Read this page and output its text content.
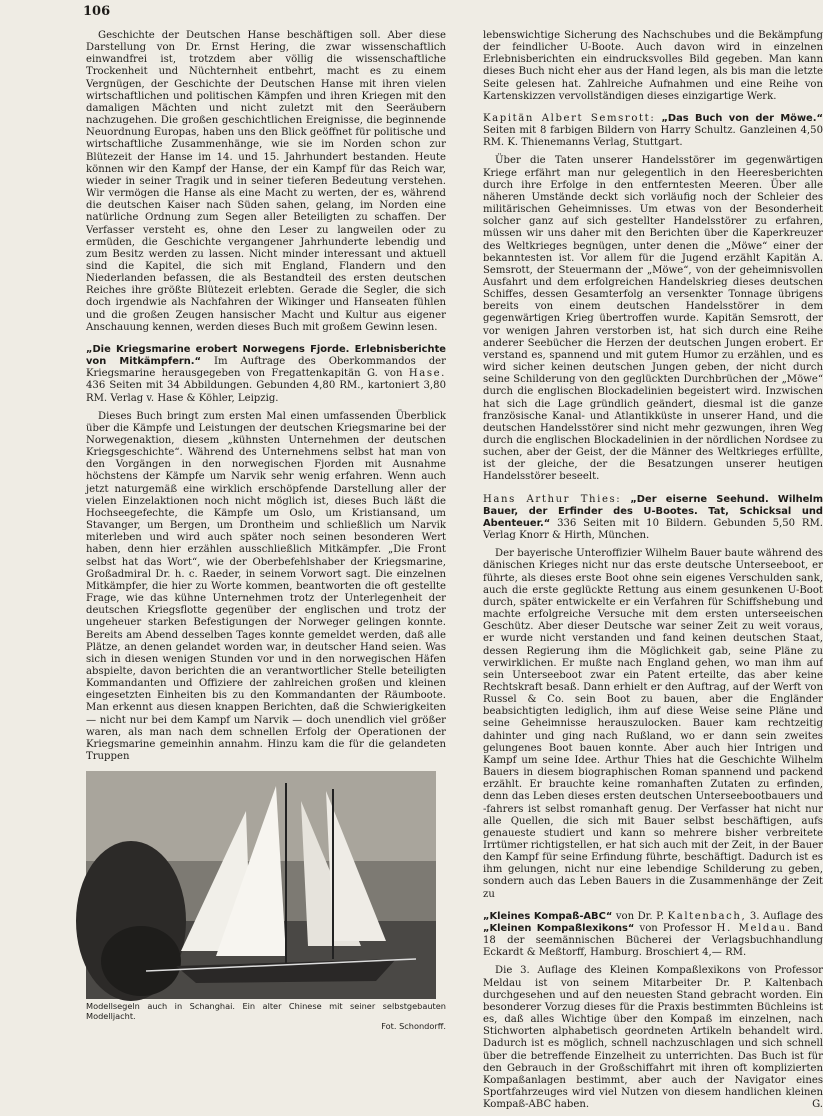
106

Geschichte der Deutschen Hanse beschäftigen soll. Aber diese Darstellung von Dr. Ernst Hering, die zwar wissenschaftlich einwandfrei ist, trotzdem aber völlig die wissenschaftliche Trockenheit und Nüchternheit entbehrt, macht es zu einem Vergnügen, der Geschichte der Deutschen Hanse mit ihren vielen wirtschaftlichen und politischen Kämpfen und ihren Kriegen mit den damaligen Mächten und nicht zuletzt mit den Seeräubern nachzugehen. Die großen geschichtlichen Ereignisse, die beginnende Neuordnung Europas, haben uns den Blick geöffnet für politische und wirtschaftliche Zusammenhänge, wie sie im Norden schon zur Blütezeit der Hanse im 14. und 15. Jahrhundert bestanden. Heute können wir den Kampf der Hanse, der ein Kampf für das Reich war, wieder in seiner Tragik und in seiner tieferen Bedeutung verstehen. Wir vermögen die Hanse als eine Macht zu werten, der es, während die deutschen Kaiser nach Süden sahen, gelang, im Norden eine natürliche Ordnung zum Segen aller Beteiligten zu schaffen. Der Verfasser versteht es, ohne den Leser zu langweilen oder zu ermüden, die Geschichte vergangener Jahrhunderte lebendig und zum Besitz werden zu lassen. Nicht minder interessant und aktuell sind die Kapitel, die sich mit England, Flandern und den Niederlanden befassen, die als Bestandteil des ersten deutschen Reiches ihre größte Blütezeit erlebten. Gerade die Segler, die sich doch irgendwie als Nachfahren der Wikinger und Hanseaten fühlen und die großen Zeugen hansischer Macht und Kultur aus eigener Anschauung kennen, werden dieses Buch mit großem Gewinn lesen.

„Die Kriegsmarine erobert Norwegens Fjorde. Erlebnisberichte von Mitkämpfern.“ Im Auftrage des Oberkommandos der Kriegsmarine herausgegeben von Fregattenkapitän G. von Hase. 436 Seiten mit 34 Abbildungen. Gebunden 4,80 RM., kartoniert 3,80 RM. Verlag v. Hase & Köhler, Leipzig.

Dieses Buch bringt zum ersten Mal einen umfassenden Überblick über die Kämpfe und Leistungen der deutschen Kriegsmarine bei der Norwegenaktion, diesem „kühnsten Unternehmen der deutschen Kriegsgeschichte“. Während des Unternehmens selbst hat man von den Vorgängen in den norwegischen Fjorden mit Ausnahme höchstens der Kämpfe um Narvik sehr wenig erfahren. Wenn auch jetzt naturgemäß eine wirklich erschöpfende Darstellung aller der vielen Einzelaktionen noch nicht möglich ist, dieses Buch läßt die Hochseegefechte, die Kämpfe um Oslo, um Kristiansand, um Stavanger, um Bergen, um Drontheim und schließlich um Narvik miterleben und wird auch später noch seinen besonderen Wert haben, denn hier erzählen ausschließlich Mitkämpfer. „Die Front selbst hat das Wort“, wie der Oberbefehlshaber der Kriegsmarine, Großadmiral Dr. h. c. Raeder, in seinem Vorwort sagt. Die einzelnen Mitkämpfer, die hier zu Worte kommen, beantworten die oft gestellte Frage, wie das kühne Unternehmen trotz der Unterlegenheit der deutschen Kriegsflotte gegenüber der englischen und trotz der ungeheuer starken Befestigungen der Norweger gelingen konnte. Bereits am Abend desselben Tages konnte gemeldet werden, daß alle Plätze, an denen gelandet worden war, in deutscher Hand seien. Was sich in diesen wenigen Stunden vor und in den norwegischen Häfen abspielte, davon berichten die an verantwortlicher Stelle beteiligten Kommandanten und Offiziere der zahlreichen großen und kleinen eingesetzten Einheiten bis zu den Kommandanten der Räumboote. Man erkennt aus diesen knappen Berichten, daß die Schwierigkeiten — nicht nur bei dem Kampf um Narvik — doch unendlich viel größer waren, als man nach dem schnellen Erfolg der Operationen der Kriegsmarine gemeinhin annahm. Hinzu kam die für die gelandeten Truppen

Modellsegeln auch in Schanghai. Ein alter Chinese mit seiner selbstgebauten Modelljacht.
Fot. Schondorff.

lebenswichtige Sicherung des Nachschubes und die Bekämpfung der feindlicher U-Boote. Auch davon wird in einzelnen Erlebnisberichten ein eindrucksvolles Bild gegeben. Man kann dieses Buch nicht eher aus der Hand legen, als bis man die letzte Seite gelesen hat. Zahlreiche Aufnahmen und eine Reihe von Kartenskizzen vervollständigen dieses einzigartige Werk.

Kapitän Albert Semsrott: „Das Buch von der Möwe.“ Seiten mit 8 farbigen Bildern von Harry Schultz. Ganzleinen 4,50 RM. K. Thienemanns Verlag, Stuttgart.

Über die Taten unserer Handelsstörer im gegenwärtigen Kriege erfährt man nur gelegentlich in den Heeresberichten durch ihre Erfolge in den entferntesten Meeren. Über alle näheren Umstände deckt sich vorläufig noch der Schleier des militärischen Geheimnisses. Um etwas von der Besonderheit solcher ganz auf sich gestellter Handelsstörer zu erfahren, müssen wir uns daher mit den Berichten über die Kaperkreuzer des Weltkrieges begnügen, unter denen die „Möwe“ einer der bekanntesten ist. Vor allem für die Jugend erzählt Kapitän A. Semsrott, der Steuermann der „Möwe“, von der geheimnisvollen Ausfahrt und dem erfolgreichen Handelskrieg dieses deutschen Schiffes, dessen Gesamterfolg an versenkter Tonnage übrigens bereits von einem deutschen Handelsstörer in dem gegenwärtigen Krieg übertroffen wurde. Kapitän Semsrott, der vor wenigen Jahren verstorben ist, hat sich durch eine Reihe anderer Seebücher die Herzen der deutschen Jungen erobert. Er verstand es, spannend und mit gutem Humor zu erzählen, und es wird sicher keinen deutschen Jungen geben, der nicht durch seine Schilderung von den geglückten Durchbrüchen der „Möwe“ durch die englischen Blockadelinien begeistert wird. Inzwischen hat sich die Lage gründlich geändert, diesmal ist die ganze französische Kanal- und Atlantikküste in unserer Hand, und die deutschen Handelsstörer sind nicht mehr gezwungen, ihren Weg durch die englischen Blockadelinien in der nördlichen Nordsee zu suchen, aber der Geist, der die Männer des Weltkrieges erfüllte, ist der gleiche, der die Besatzungen unserer heutigen Handelsstörer beseelt.

Hans Arthur Thies: „Der eiserne Seehund. Wilhelm Bauer, der Erfinder des U-Bootes. Tat, Schicksal und Abenteuer.“ 336 Seiten mit 10 Bildern. Gebunden 5,50 RM. Verlag Knorr & Hirth, München.

Der bayerische Unteroffizier Wilhelm Bauer baute während des dänischen Krieges nicht nur das erste deutsche Unterseeboot, er führte, als dieses erste Boot ohne sein eigenes Verschulden sank, auch die erste geglückte Rettung aus einem gesunkenen U-Boot durch, später entwickelte er ein Verfahren für Schiffshebung und machte erfolgreiche Versuche mit dem ersten unterseeischen Geschütz. Aber dieser Deutsche war seiner Zeit zu weit voraus, er wurde nicht verstanden und fand keinen deutschen Staat, dessen Regierung ihm die Möglichkeit gab, seine Pläne zu verwirklichen. Er mußte nach England gehen, wo man ihm auf sein Unterseeboot zwar ein Patent erteilte, das aber keine Rechtskraft besaß. Dann erhielt er den Auftrag, auf der Werft von Russel & Co. sein Boot zu bauen, aber die Engländer beabsichtigten lediglich, ihm auf diese Weise seine Pläne und seine Geheimnisse herauszulocken. Bauer kam rechtzeitig dahinter und ging nach Rußland, wo er dann sein zweites gelungenes Boot bauen konnte. Aber auch hier Intrigen und Kampf um seine Idee. Arthur Thies hat die Geschichte Wilhelm Bauers in diesem biographischen Roman spannend und packend erzählt. Er brauchte keine romanhaften Zutaten zu erfinden, denn das Leben dieses ersten deutschen Unterseebootbauers und -fahrers ist selbst romanhaft genug. Der Verfasser hat nicht nur alle Quellen, die sich mit Bauer selbst beschäftigen, aufs genaueste studiert und kann so mehrere bisher verbreitete Irrtümer richtigstellen, er hat sich auch mit der Zeit, in der Bauer den Kampf für seine Erfindung führte, beschäftigt. Dadurch ist es ihm gelungen, nicht nur eine lebendige Schilderung zu geben, sondern auch das Leben Bauers in die Zusammenhänge der Zeit zu

„Kleines Kompaß-ABC“ von Dr. P. Kaltenbach, 3. Auflage des „Kleinen Kompaßlexikons“ von Professor H. Meldau. Band 18 der seemännischen Bücherei der Verlagsbuchhandlung Eckardt & Meßtorff, Hamburg. Broschiert 4,— RM.

Die 3. Auflage des Kleinen Kompaßlexikons von Professor Meldau ist von seinem Mitarbeiter Dr. P. Kaltenbach durchgesehen und auf den neuesten Stand gebracht worden. Ein besonderer Vorzug dieses für die Praxis bestimmten Büchleins ist es, daß alles Wichtige über den Kompaß im einzelnen, nach Stichworten alphabetisch geordneten Artikeln behandelt wird. Dadurch ist es möglich, schnell nachzuschlagen und sich schnell über die betreffende Einzelheit zu unterrichten. Das Buch ist für den Gebrauch in der Großschiffahrt mit ihren oft komplizierten Kompaßanlagen bestimmt, aber auch der Navigator eines Sportfahrzeuges wird viel Nutzen von diesem handlichen kleinen Kompaß-ABC haben.	G.
